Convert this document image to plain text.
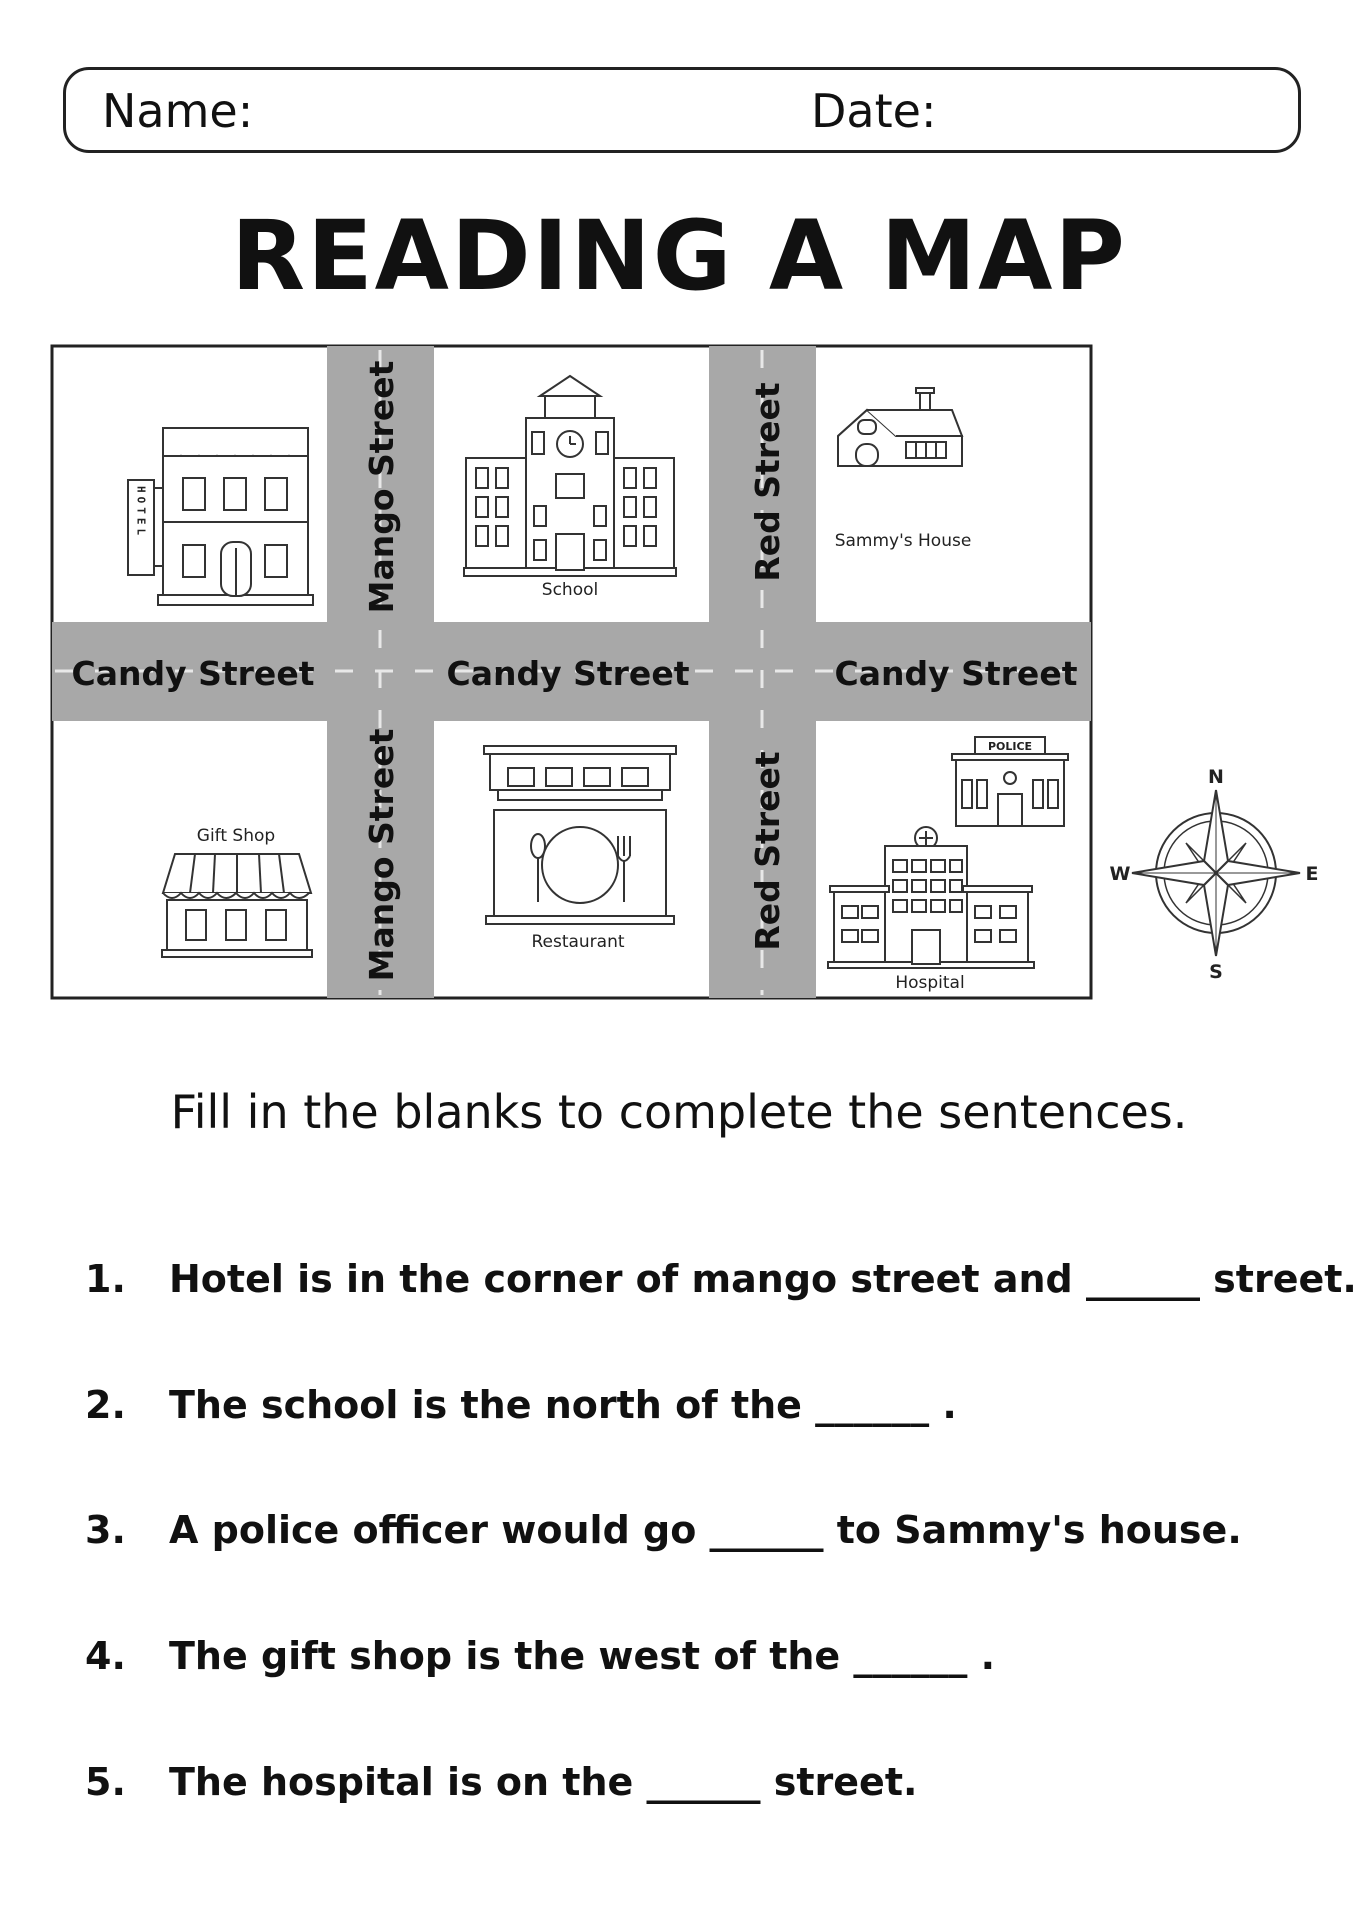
Name:	Date:
READING A MAP
Candy Street	Candy Street	Candy Street
Mango Street
Mango Street
Red Street
Red Street
HOTEL
School
Sammy's House
Gift Shop
Restaurant
POLICE
Hospital
N
S
E
W
Fill in the blanks to complete the sentences.
1. Hotel is in the corner of mango street and ______ street.
2. The school is the north of the ______ .
3. A police officer would go ______ to Sammy's house.
4. The gift shop is the west of the ______ .
5. The hospital is on the ______ street.
